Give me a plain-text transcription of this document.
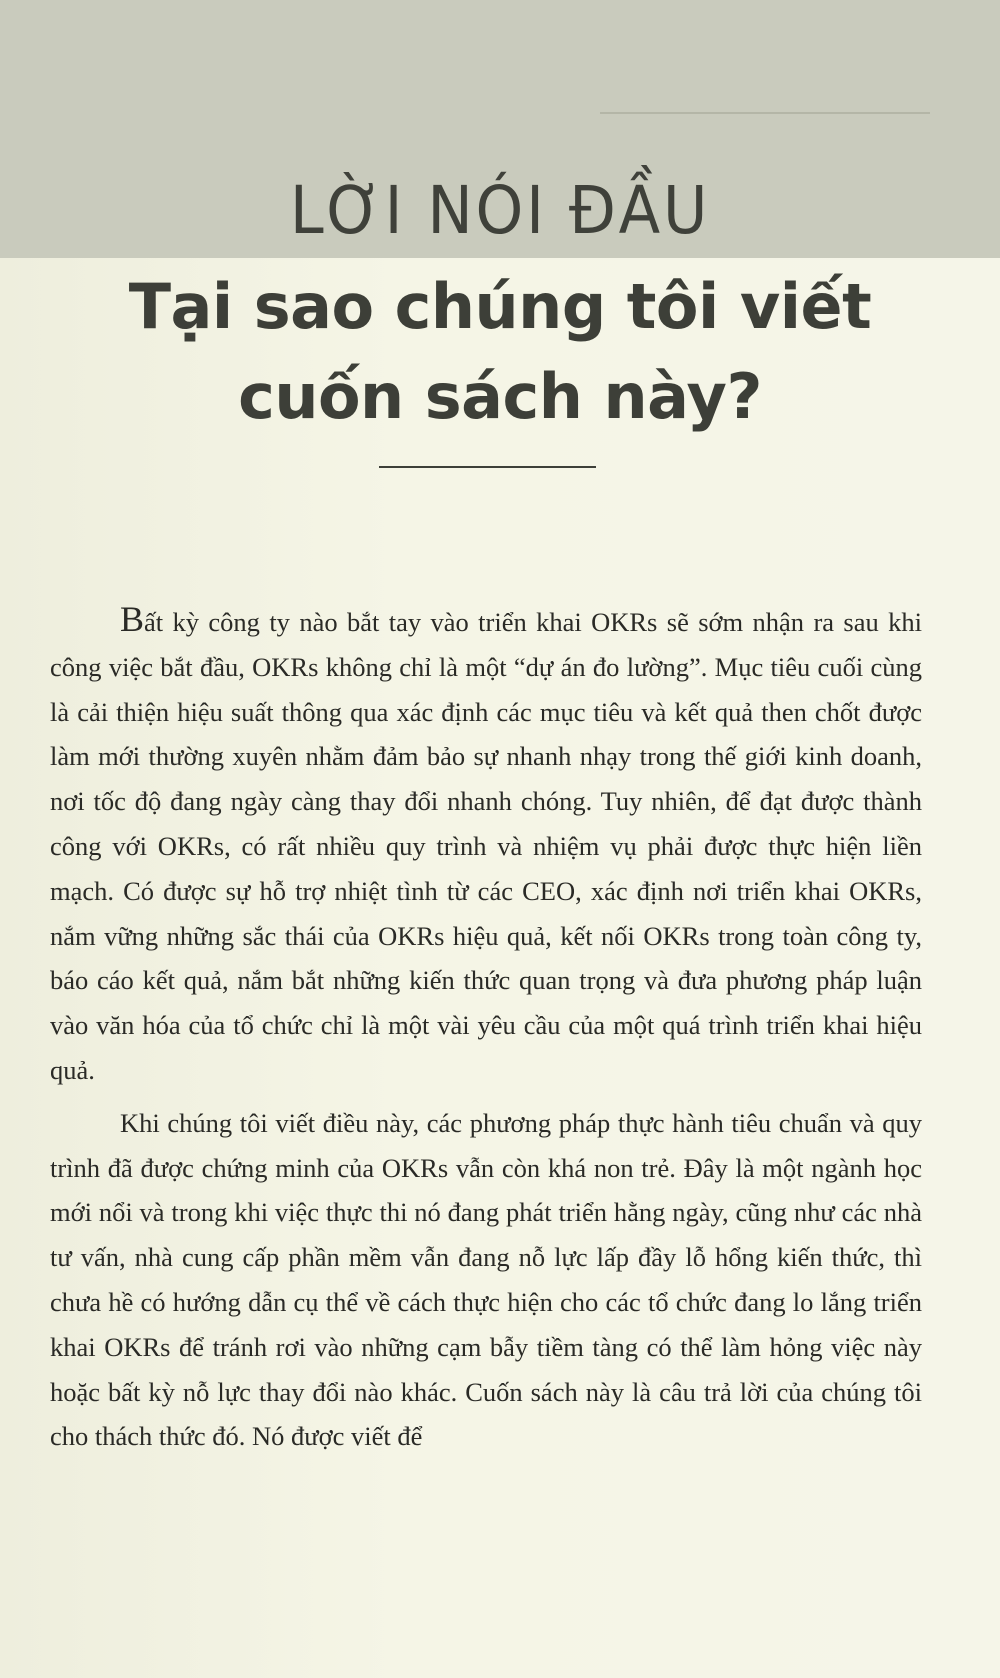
LỜI NÓI ĐẦU
Tại sao chúng tôi viết
cuốn sách này?

Bất kỳ công ty nào bắt tay vào triển khai OKRs sẽ sớm nhận ra sau khi công việc bắt đầu, OKRs không chỉ là một “dự án đo lường”. Mục tiêu cuối cùng là cải thiện hiệu suất thông qua xác định các mục tiêu và kết quả then chốt được làm mới thường xuyên nhằm đảm bảo sự nhanh nhạy trong thế giới kinh doanh, nơi tốc độ đang ngày càng thay đổi nhanh chóng. Tuy nhiên, để đạt được thành công với OKRs, có rất nhiều quy trình và nhiệm vụ phải được thực hiện liền mạch. Có được sự hỗ trợ nhiệt tình từ các CEO, xác định nơi triển khai OKRs, nắm vững những sắc thái của OKRs hiệu quả, kết nối OKRs trong toàn công ty, báo cáo kết quả, nắm bắt những kiến thức quan trọng và đưa phương pháp luận vào văn hóa của tổ chức chỉ là một vài yêu cầu của một quá trình triển khai hiệu quả.

Khi chúng tôi viết điều này, các phương pháp thực hành tiêu chuẩn và quy trình đã được chứng minh của OKRs vẫn còn khá non trẻ. Đây là một ngành học mới nổi và trong khi việc thực thi nó đang phát triển hằng ngày, cũng như các nhà tư vấn, nhà cung cấp phần mềm vẫn đang nỗ lực lấp đầy lỗ hổng kiến thức, thì chưa hề có hướng dẫn cụ thể về cách thực hiện cho các tổ chức đang lo lắng triển khai OKRs để tránh rơi vào những cạm bẫy tiềm tàng có thể làm hỏng việc này hoặc bất kỳ nỗ lực thay đổi nào khác. Cuốn sách này là câu trả lời của chúng tôi cho thách thức đó. Nó được viết để
